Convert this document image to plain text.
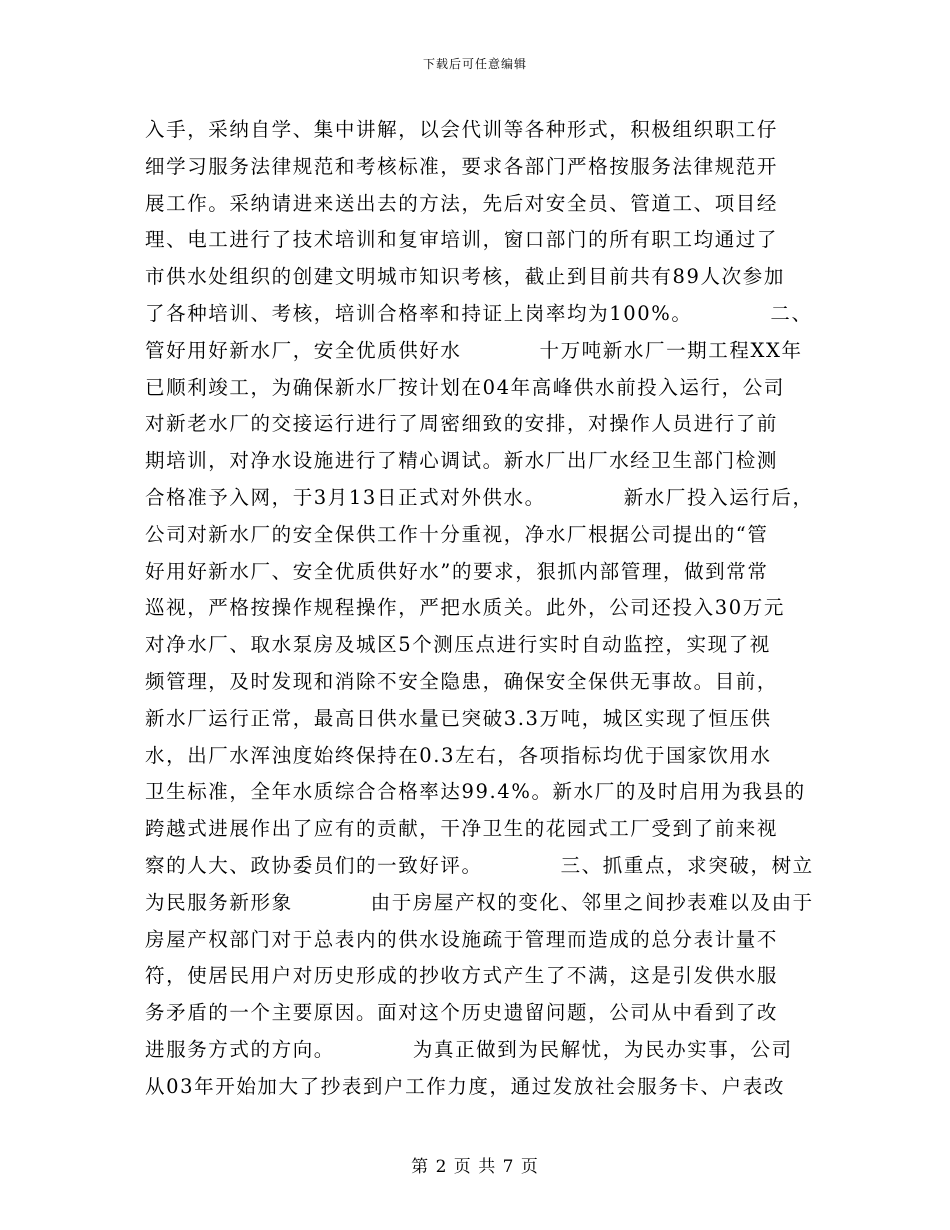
下载后可任意编辑
入手，采纳自学、集中讲解，以会代训等各种形式，积极组织职工仔
细学习服务法律规范和考核标准，要求各部门严格按服务法律规范开
展工作。采纳请进来送出去的方法，先后对安全员、管道工、项目经
理、电工进行了技术培训和复审培训，窗口部门的所有职工均通过了
市供水处组织的创建文明城市知识考核，截止到目前共有89人次参加
了各种培训、考核，培训合格率和持证上岗率均为100%。          二、
管好用好新水厂，安全优质供好水          十万吨新水厂一期工程XX年
已顺利竣工，为确保新水厂按计划在04年高峰供水前投入运行，公司
对新老水厂的交接运行进行了周密细致的安排，对操作人员进行了前
期培训，对净水设施进行了精心调试。新水厂出厂水经卫生部门检测
合格准予入网，于3月13日正式对外供水。          新水厂投入运行后，
公司对新水厂的安全保供工作十分重视，净水厂根据公司提出的“管
好用好新水厂、安全优质供好水”的要求，狠抓内部管理，做到常常
巡视，严格按操作规程操作，严把水质关。此外，公司还投入30万元
对净水厂、取水泵房及城区5个测压点进行实时自动监控，实现了视
频管理，及时发现和消除不安全隐患，确保安全保供无事故。目前，
新水厂运行正常，最高日供水量已突破3.3万吨，城区实现了恒压供
水，出厂水浑浊度始终保持在0.3左右，各项指标均优于国家饮用水
卫生标准，全年水质综合合格率达99.4%。新水厂的及时启用为我县的
跨越式进展作出了应有的贡献，干净卫生的花园式工厂受到了前来视
察的人大、政协委员们的一致好评。          三、抓重点，求突破，树立
为民服务新形象          由于房屋产权的变化、邻里之间抄表难以及由于
房屋产权部门对于总表内的供水设施疏于管理而造成的总分表计量不
符，使居民用户对历史形成的抄收方式产生了不满，这是引发供水服
务矛盾的一个主要原因。面对这个历史遗留问题，公司从中看到了改
进服务方式的方向。          为真正做到为民解忧，为民办实事，公司
从03年开始加大了抄表到户工作力度，通过发放社会服务卡、户表改
第 2 页 共 7 页
